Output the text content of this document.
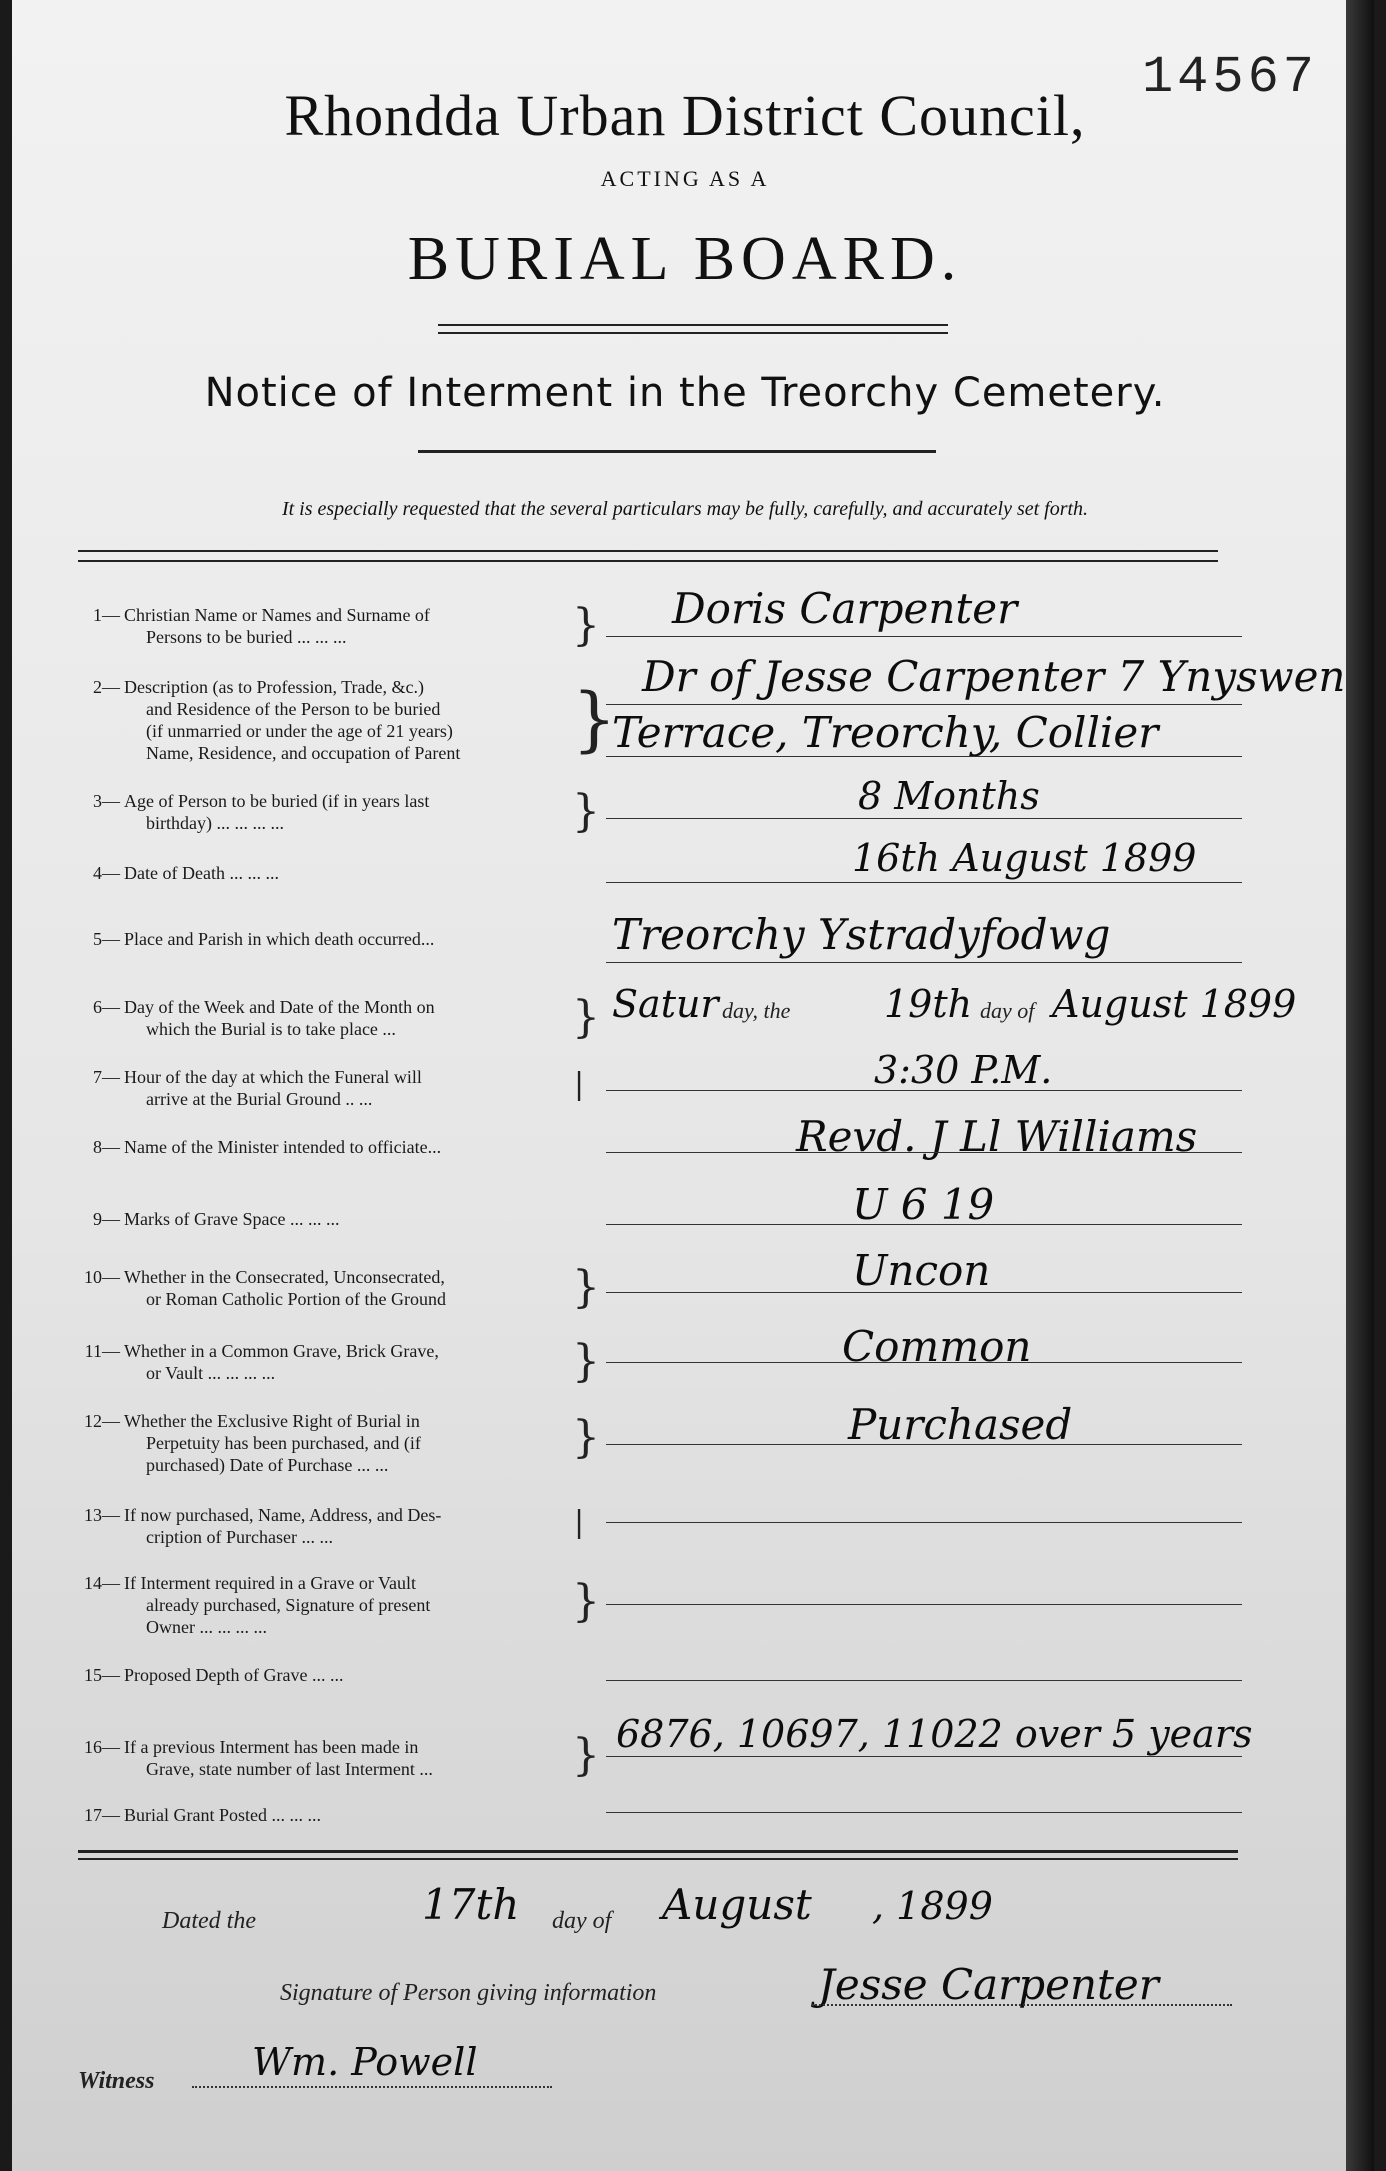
14567
Rhondda Urban District Council,
ACTING AS A
BURIAL BOARD.
Notice of Interment in the Treorchy Cemetery.
It is especially requested that the several particulars may be fully, carefully, and accurately set forth.
1— Christian Name or Names and Surname of
Persons to be buried ... ... ...	} Doris Carpenter
2— Description (as to Profession, Trade, &c.)
and Residence of the Person to be buried
(if unmarried or under the age of 21 years)
Name, Residence, and occupation of Parent	}
Dr of Jesse Carpenter 7 Ynyswen
Terrace, Treorchy, Collier
3— Age of Person to be buried (if in years last
birthday) ... ... ... ...	}	8 Months
4— Date of Death ... ... ...	16th August 1899
5— Place and Parish in which death occurred...	Treorchy Ystradyfodwg
6— Day of the Week and Date of the Month on
which the Burial is to take place ...	} Satur day, the 19th day of August 1899
7— Hour of the day at which the Funeral will
arrive at the Burial Ground .. ...	|	3:30 P.M.
8— Name of the Minister intended to officiate...	Revd. J Ll Williams
9— Marks of Grave Space ... ... ...	U 6 19
10— Whether in the Consecrated, Unconsecrated,
or Roman Catholic Portion of the Ground	}	Uncon
11— Whether in a Common Grave, Brick Grave,
or Vault ... ... ... ...	}	Common
12— Whether the Exclusive Right of Burial in
Perpetuity has been purchased, and (if
purchased) Date of Purchase ... ...
}	Purchased
13— If now purchased, Name, Address, and Des-
cription of Purchaser ... ...	|
14— If Interment required in a Grave or Vault
already purchased, Signature of present
Owner ... ... ... ...	}
15— Proposed Depth of Grave ... ...
16— If a previous Interment has been made in
Grave, state number of last Interment ...	} 6876, 10697, 11022 over 5 years
17— Burial Grant Posted ... ... ...
Dated the	17th day of August , 1899
Signature of Person giving information	Jesse Carpenter
Witness	Wm. Powell
